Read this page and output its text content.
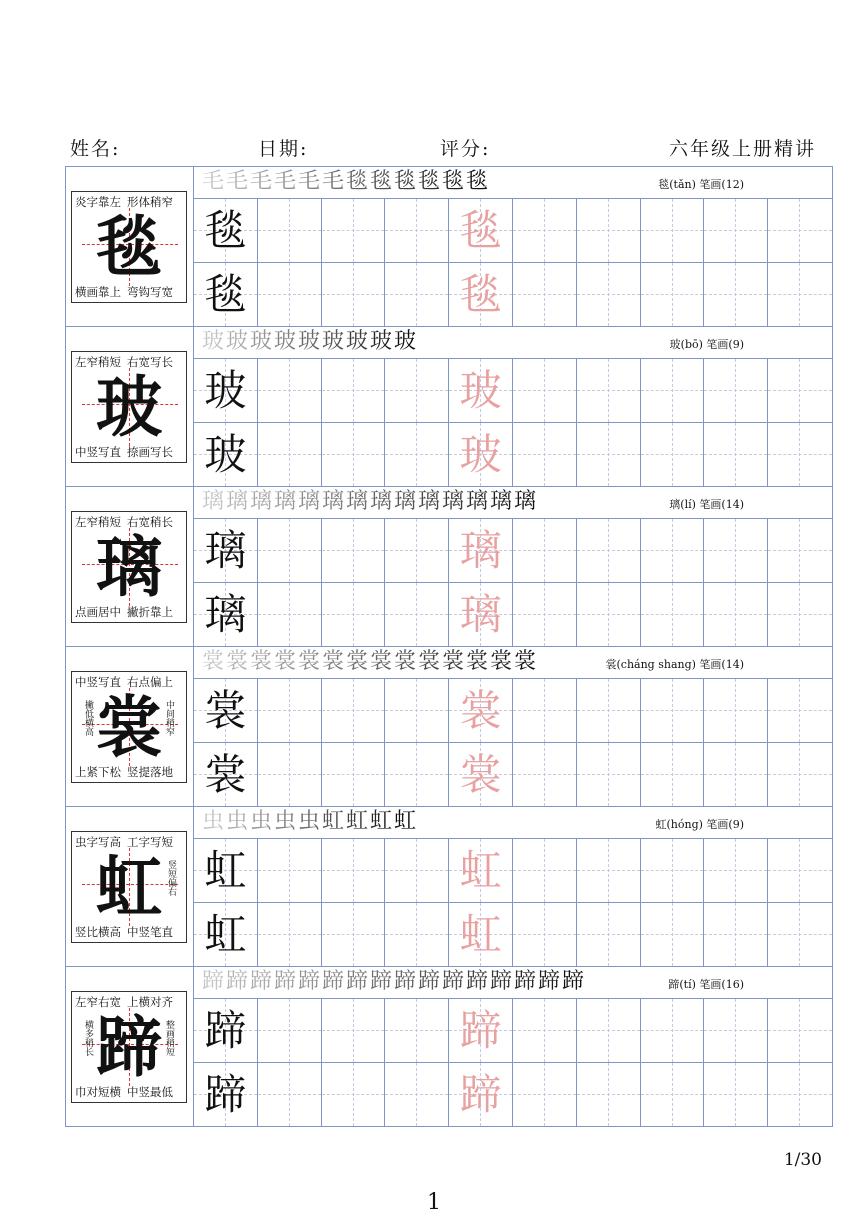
姓名:	日期:	评分:	六年级上册精讲
炎字靠左 形体稍窄
毯
横画靠上 弯钩写宽
毛 毛 毛 毛 毛 毛 毯 毯 毯 毯 毯 毯	毯(tǎn) 笔画(12)
毯	毯
毯	毯
左窄稍短 右宽写长
玻
中竖写直 捺画写长
玻 玻 玻 玻 玻 玻 玻 玻 玻	玻(bō) 笔画(9)
玻	玻
玻	玻
左窄稍短 右宽稍长
璃
点画居中 撇折靠上
璃 璃 璃 璃 璃 璃 璃 璃 璃 璃 璃 璃 璃 璃	璃(lí) 笔画(14)
璃	璃
璃	璃
中竖写直 右点偏上
裳
撇低横高	中间稍窄
上紧下松 竖提落地
裳 裳 裳 裳 裳 裳 裳 裳 裳 裳 裳 裳 裳 裳	裳(cháng shang) 笔画(14)
裳	裳
裳	裳
虫字写高 工字写短
虹 竖短偏右
竖比横高 中竖笔直
虫 虫 虫 虫 虫 虹 虹 虹 虹	虹(hóng) 笔画(9)
虹	虹
虹	虹
左窄右宽 上横对齐
蹄
横多稍长	整画稍短
巾对短横 中竖最低
蹄 蹄 蹄 蹄 蹄 蹄 蹄 蹄 蹄 蹄 蹄 蹄 蹄 蹄 蹄 蹄	蹄(tí) 笔画(16)
蹄	蹄
蹄	蹄
1/30
1
